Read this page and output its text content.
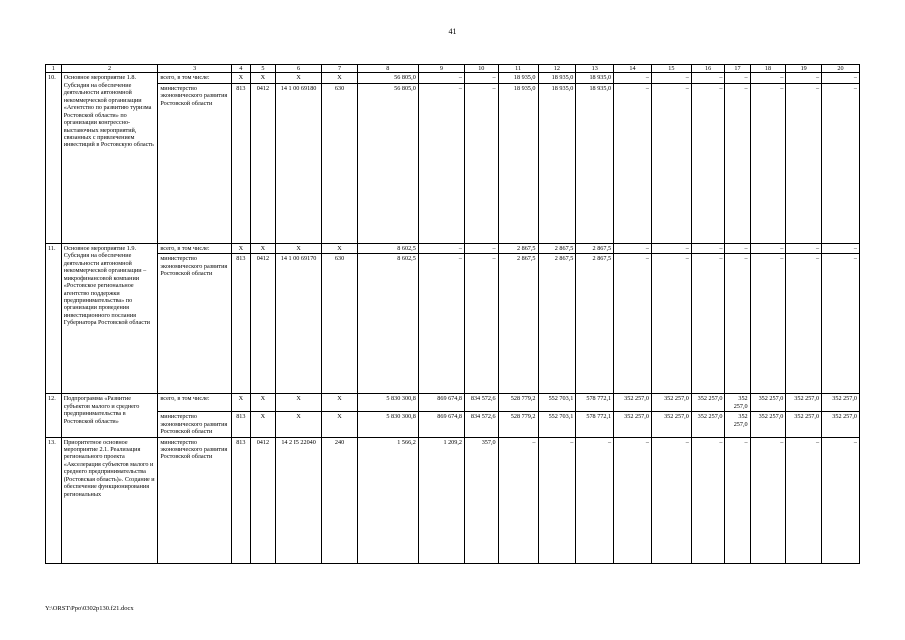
41
1	2	3	4	5	6	7	8	9	10	11	12	13	14	15	16	17	18	19	20
10.	Основное мероприятие 1.8. Субсидия на обеспечение деятельности автономной некоммерческой организации «Агентство по развитию туризма Ростовской области» по организации конгрессно-выставочных мероприятий, связанных с привлечением инвестиций в Ростовскую область	всего, в том числе:	X	X	X	X	56 805,0	–	–	18 935,0	18 935,0	18 935,0	–	–	–	–	–	–	–
		министерство экономического развития Ростовской области	813	0412	14 1 00 69180	630	56 805,0	–	–	18 935,0	18 935,0	18 935,0	–	–	–	–	–	–	–
11.	Основное мероприятие 1.9. Субсидия на обеспечение деятельности автономной некоммерческой организации – микрофинансовой компании «Ростовское региональное агентство поддержки предпринимательства» по организации проведения инвестиционного послания Губернатора Ростовской области	всего, в том числе:	X	X	X	X	8 602,5	–	–	2 867,5	2 867,5	2 867,5	–	–	–	–	–	–	–
		министерство экономического развития Ростовской области	813	0412	14 1 00 69170	630	8 602,5	–	–	2 867,5	2 867,5	2 867,5	–	–	–	–	–	–	–
12.	Подпрограмма «Развитие субъектов малого и среднего предпринимательства в Ростовской области»	всего, в том числе:	X	X	X	X	5 830 300,8	869 674,8	834 572,6	528 779,2	552 703,1	578 772,1	352 257,0	352 257,0	352 257,0	352 257,0	352 257,0	352 257,0	352 257,0
		министерство экономического развития Ростовской области	813	X	X	X	5 830 300,8	869 674,8	834 572,6	528 779,2	552 703,1	578 772,1	352 257,0	352 257,0	352 257,0	352 257,0	352 257,0	352 257,0	352 257,0
13.	Приоритетное основное мероприятие 2.1. Реализация регионального проекта «Акселерация субъектов малого и среднего предпринимательства (Ростовская область)». Создание и обеспечение функционирования региональных	министерство экономического развития Ростовской области	813	0412	14 2 I5 22040	240	1 566,2	1 209,2	357,0	–	–	–	–	–	–	–	–	–	–
Y:\ORST\Ppo\0302p130.f21.docx
